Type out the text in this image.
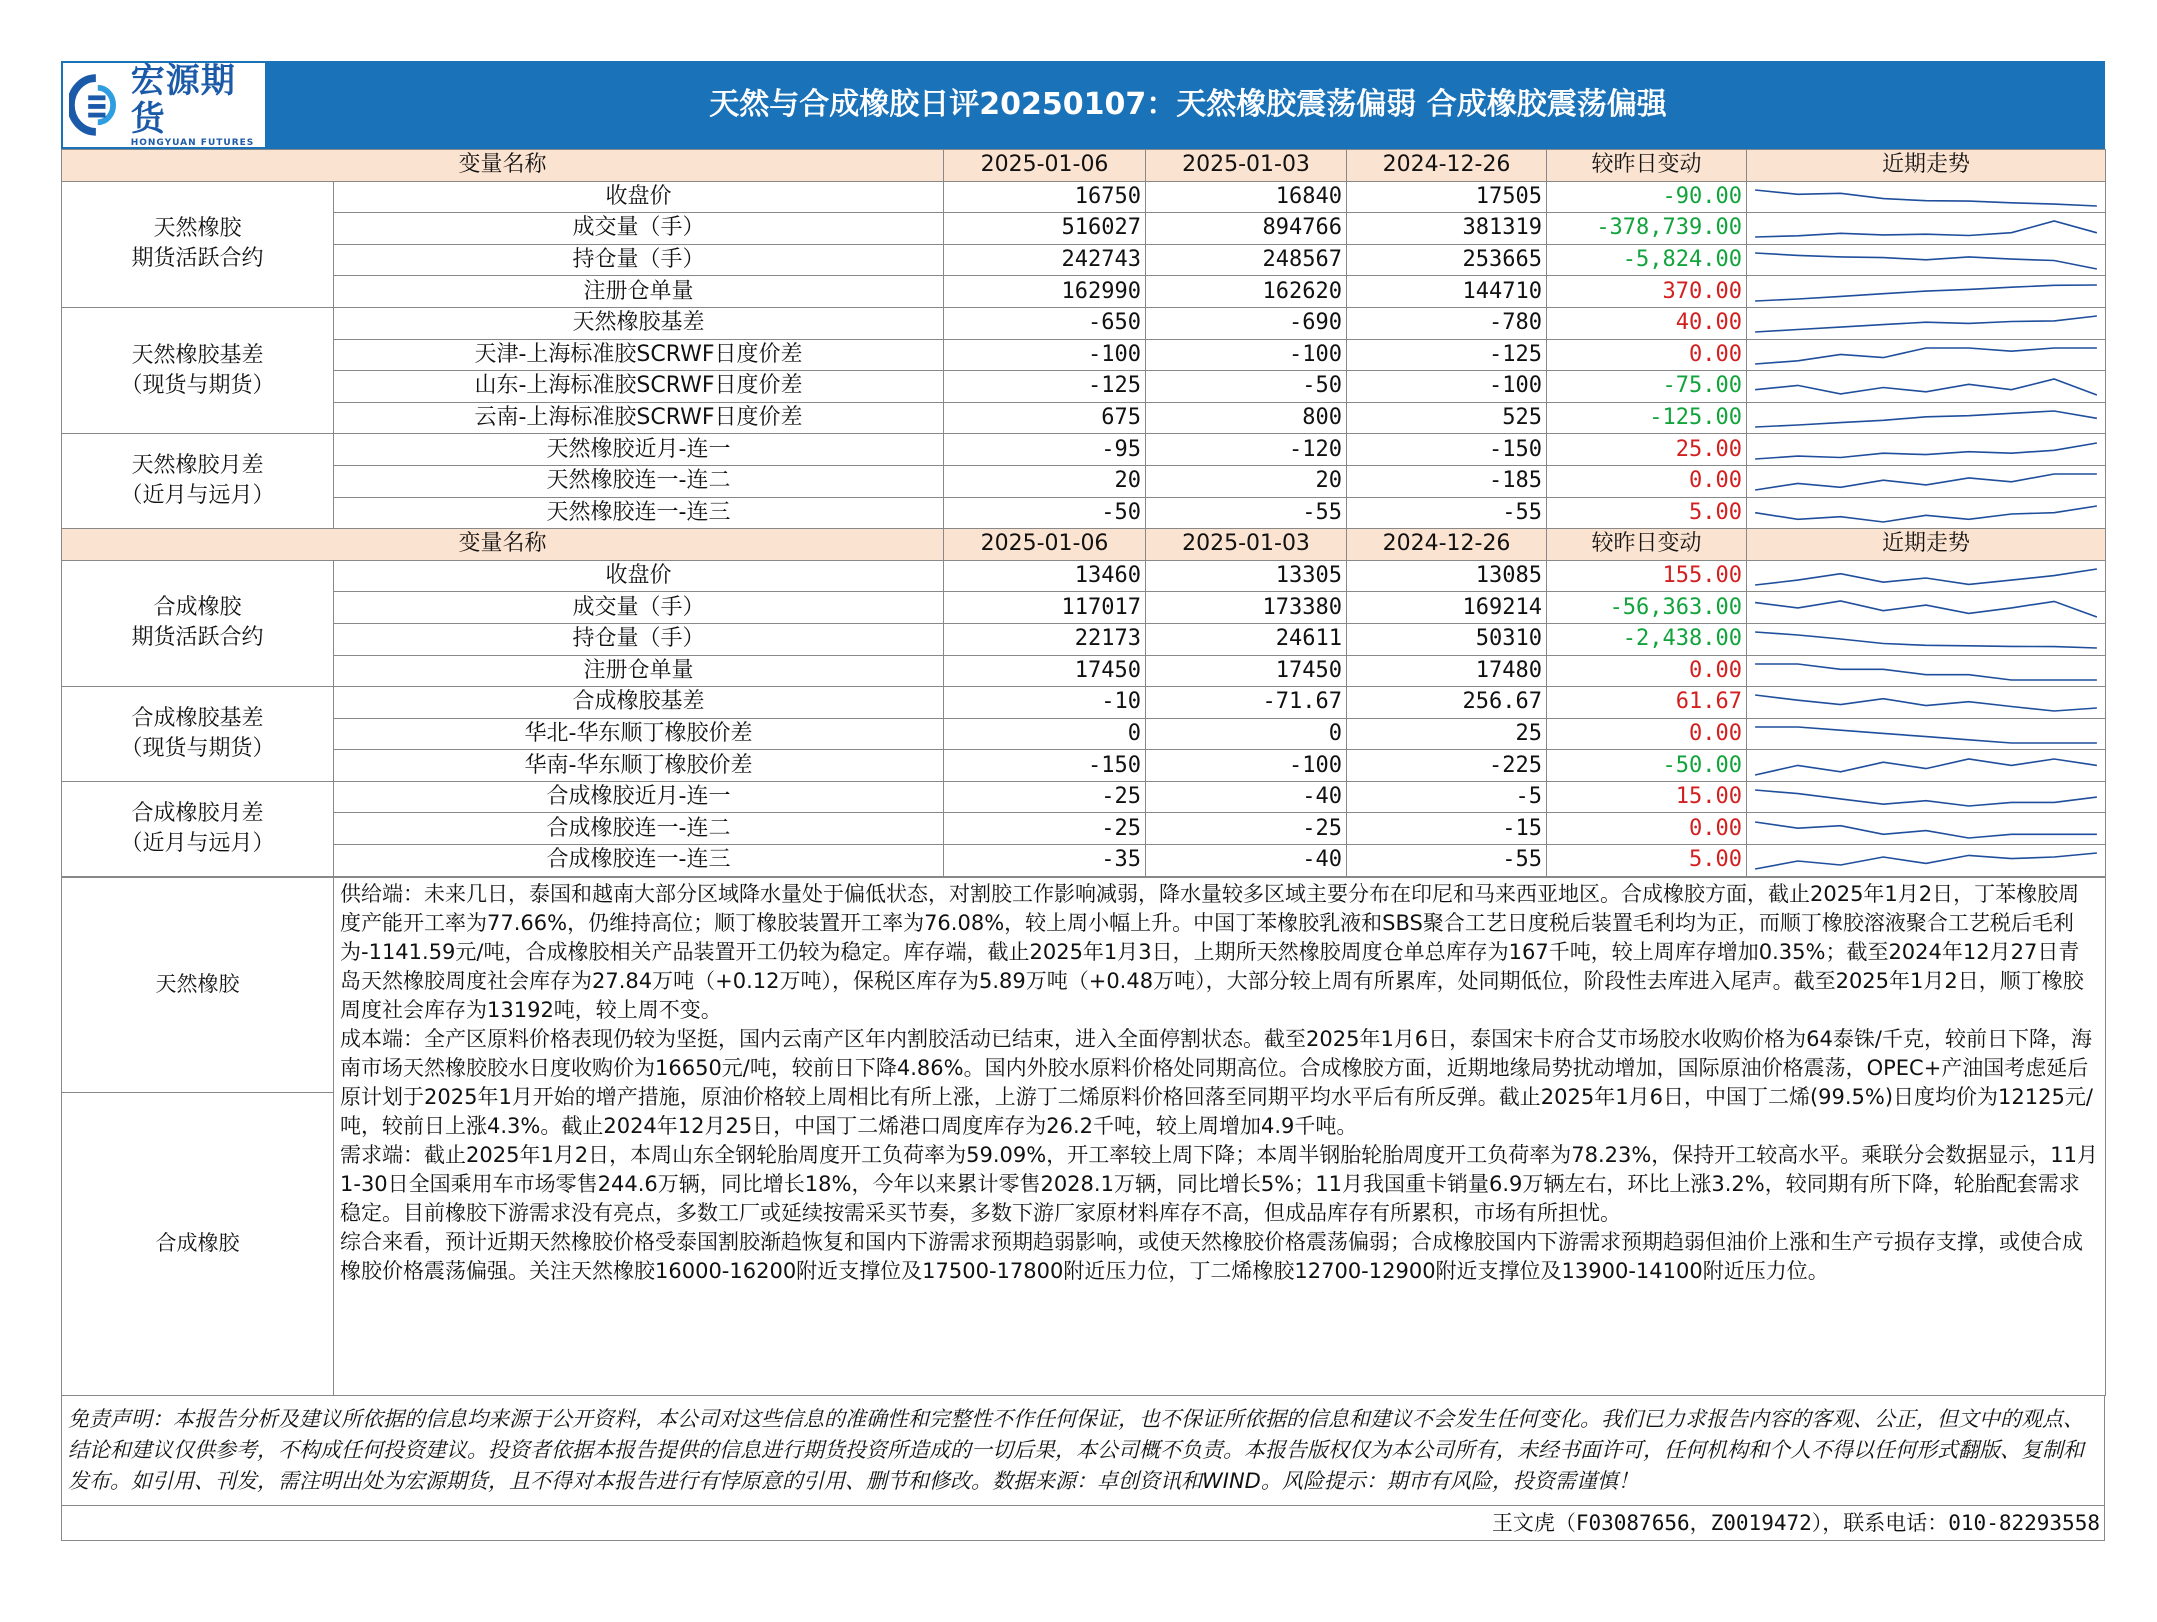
宏源期货
HONGYUAN FUTURES
天然与合成橡胶日评20250107：天然橡胶震荡偏弱 合成橡胶震荡偏强
变量名称		2025-01-06	2025-01-03	2024-12-26	较昨日变动	近期走势

天然橡胶
期货活跃合约	收盘价	16750	16840	17505	-90.00	

	成交量（手）	516027	894766	381319	-378,739.00	

	持仓量（手）	242743	248567	253665	-5,824.00	

	注册仓单量	162990	162620	144710	370.00	

天然橡胶基差
（现货与期货）	天然橡胶基差	-650	-690	-780	40.00	

	天津-上海标准胶SCRWF日度价差	-100	-100	-125	0.00	

	山东-上海标准胶SCRWF日度价差	-125	-50	-100	-75.00	

	云南-上海标准胶SCRWF日度价差	675	800	525	-125.00	

天然橡胶月差
（近月与远月）	天然橡胶近月-连一	-95	-120	-150	25.00	

	天然橡胶连一-连二	20	20	-185	0.00	

	天然橡胶连一-连三	-50	-55	-55	5.00	

变量名称		2025-01-06	2025-01-03	2024-12-26	较昨日变动	近期走势

合成橡胶
期货活跃合约	收盘价	13460	13305	13085	155.00	

	成交量（手）	117017	173380	169214	-56,363.00	

	持仓量（手）	22173	24611	50310	-2,438.00	

	注册仓单量	17450	17450	17480	0.00	

合成橡胶基差
（现货与期货）	合成橡胶基差	-10	-71.67	256.67	61.67	

	华北-华东顺丁橡胶价差	0	0	25	0.00	

	华南-华东顺丁橡胶价差	-150	-100	-225	-50.00	

合成橡胶月差
（近月与远月）	合成橡胶近月-连一	-25	-40	-5	15.00	

	合成橡胶连一-连二	-25	-25	-15	0.00	

	合成橡胶连一-连三	-35	-40	-55	5.00	
天然橡胶	

供给端：未来几日，泰国和越南大部分区域降水量处于偏低状态，对割胶工作影响减弱，降水量较多区域主要分布在印尼和马来西亚地区。合成橡胶方面，截止2025年1月2日，丁苯橡胶周度产能开工率为77.66%，仍维持高位；顺丁橡胶装置开工率为76.08%，较上周小幅上升。中国丁苯橡胶乳液和SBS聚合工艺日度税后装置毛利均为正，而顺丁橡胶溶液聚合工艺税后毛利为-1141.59元/吨，合成橡胶相关产品装置开工仍较为稳定。库存端，截止2025年1月3日，上期所天然橡胶周度仓单总库存为167千吨，较上周库存增加0.35%；截至2024年12月27日青岛天然橡胶周度社会库存为27.84万吨（+0.12万吨），保税区库存为5.89万吨（+0.48万吨），大部分较上周有所累库，处同期低位，阶段性去库进入尾声。截至2025年1月2日，顺丁橡胶周度社会库存为13192吨，较上周不变。

成本端：全产区原料价格表现仍较为坚挺，国内云南产区年内割胶活动已结束，进入全面停割状态。截至2025年1月6日，泰国宋卡府合艾市场胶水收购价格为64泰铢/千克，较前日下降，海南市场天然橡胶胶水日度收购价为16650元/吨，较前日下降4.86%。国内外胶水原料价格处同期高位。合成橡胶方面，近期地缘局势扰动增加，国际原油价格震荡，OPEC+产油国考虑延后原计划于2025年1月开始的增产措施，原油价格较上周相比有所上涨，上游丁二烯原料价格回落至同期平均水平后有所反弹。截止2025年1月6日，中国丁二烯(99.5%)日度均价为12125元/吨，较前日上涨4.3%。截止2024年12月25日，中国丁二烯港口周度库存为26.2千吨，较上周增加4.9千吨。

需求端：截止2025年1月2日，本周山东全钢轮胎周度开工负荷率为59.09%，开工率较上周下降；本周半钢胎轮胎周度开工负荷率为78.23%，保持开工较高水平。乘联分会数据显示，11月1-30日全国乘用车市场零售244.6万辆，同比增长18%，今年以来累计零售2028.1万辆，同比增长5%；11月我国重卡销量6.9万辆左右，环比上涨3.2%，较同期有所下降，轮胎配套需求稳定。目前橡胶下游需求没有亮点，多数工厂或延续按需采买节奏，多数下游厂家原材料库存不高，但成品库存有所累积，市场有所担忧。

综合来看，预计近期天然橡胶价格受泰国割胶渐趋恢复和国内下游需求预期趋弱影响，或使天然橡胶价格震荡偏弱；合成橡胶国内下游需求预期趋弱但油价上涨和生产亏损存支撑，或使合成橡胶价格震荡偏强。关注天然橡胶16000-16200附近支撑位及17500-17800附近压力位，丁二烯橡胶12700-12900附近支撑位及13900-14100附近压力位。

合成橡胶
免责声明：本报告分析及建议所依据的信息均来源于公开资料，本公司对这些信息的准确性和完整性不作任何保证，也不保证所依据的信息和建议不会发生任何变化。我们已力求报告内容的客观、公正，但文中的观点、结论和建议仅供参考，不构成任何投资建议。投资者依据本报告提供的信息进行期货投资所造成的一切后果，本公司概不负责。本报告版权仅为本公司所有，未经书面许可，任何机构和个人不得以任何形式翻版、复制和发布。如引用、刊发，需注明出处为宏源期货，且不得对本报告进行有悖原意的引用、删节和修改。数据来源：卓创资讯和WIND。风险提示：期市有风险，投资需谨慎！
王文虎（F03087656，Z0019472），联系电话：010-82293558
